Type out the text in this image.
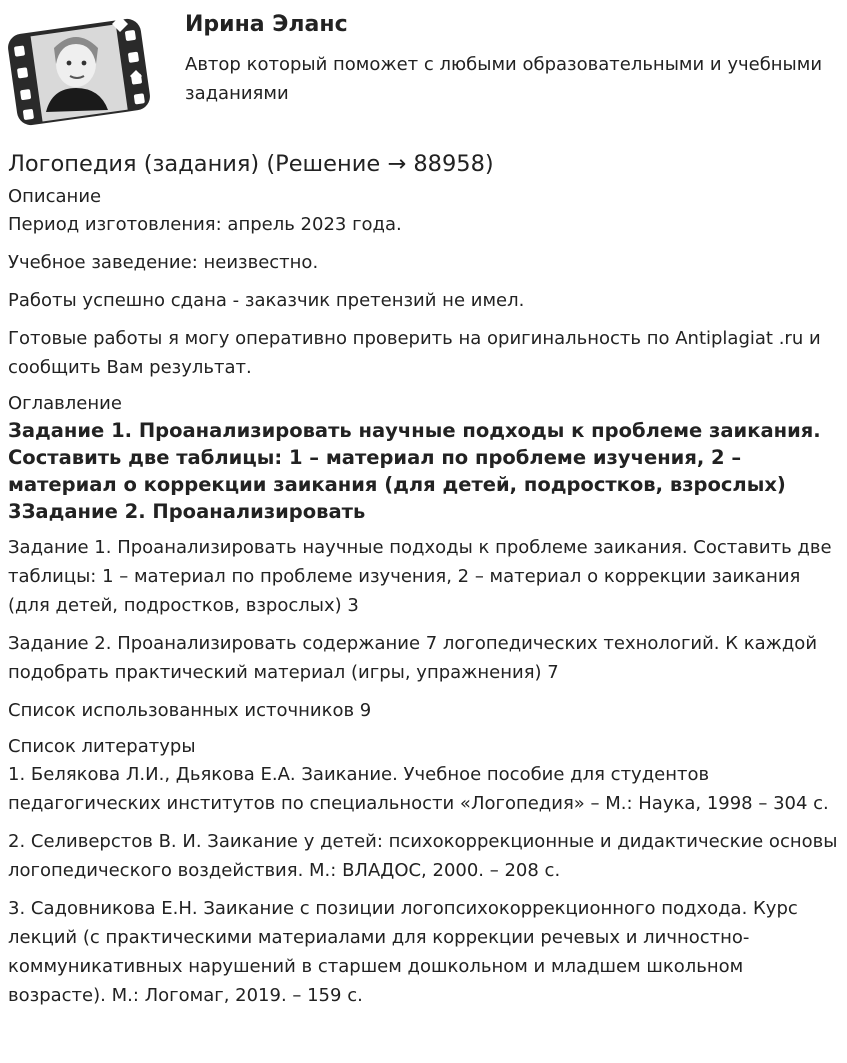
Ирина Эланс
Автор который поможет с любыми образовательными и учебными заданиями
Логопедия (задания) (Решение → 88958)
Описание

Период изготовления: апрель 2023 года.

Учебное заведение: неизвестно.

Работы успешно сдана - заказчик претензий не имел.

Готовые работы я могу оперативно проверить на оригинальность по Antiplagiat .ru и сообщить Вам результат.

Оглавление
Задание 1. Проанализировать научные подходы к проблеме заикания. Составить две таблицы: 1 – материал по проблеме изучения, 2 – материал о коррекции заикания (для детей, подростков, взрослых) 3Задание 2. Проанализировать

Задание 1. Проанализировать научные подходы к проблеме заикания. Составить две таблицы: 1 – материал по проблеме изучения, 2 – материал о коррекции заикания (для детей, подростков, взрослых) 3

Задание 2. Проанализировать содержание 7 логопедических технологий. К каждой подобрать практический материал (игры, упражнения) 7

Список использованных источников 9

Список литературы

1. Белякова Л.И., Дьякова Е.А. Заикание. Учебное пособие для студентов педагогических институтов по специальности «Логопедия» – М.: Наука, 1998 – 304 с.

2. Селиверстов В. И. Заикание у детей: психокоррекционные и дидактические основы логопедического воздействия. М.: ВЛАДОС, 2000. – 208 с.

3. Садовникова Е.Н. Заикание с позиции логопсихокоррекционного подхода. Курс лекций (с практическими материалами для коррекции речевых и личностно-коммуникативных нарушений в старшем дошкольном и младшем школьном возрасте). М.: Логомаг, 2019. – 159 с.
